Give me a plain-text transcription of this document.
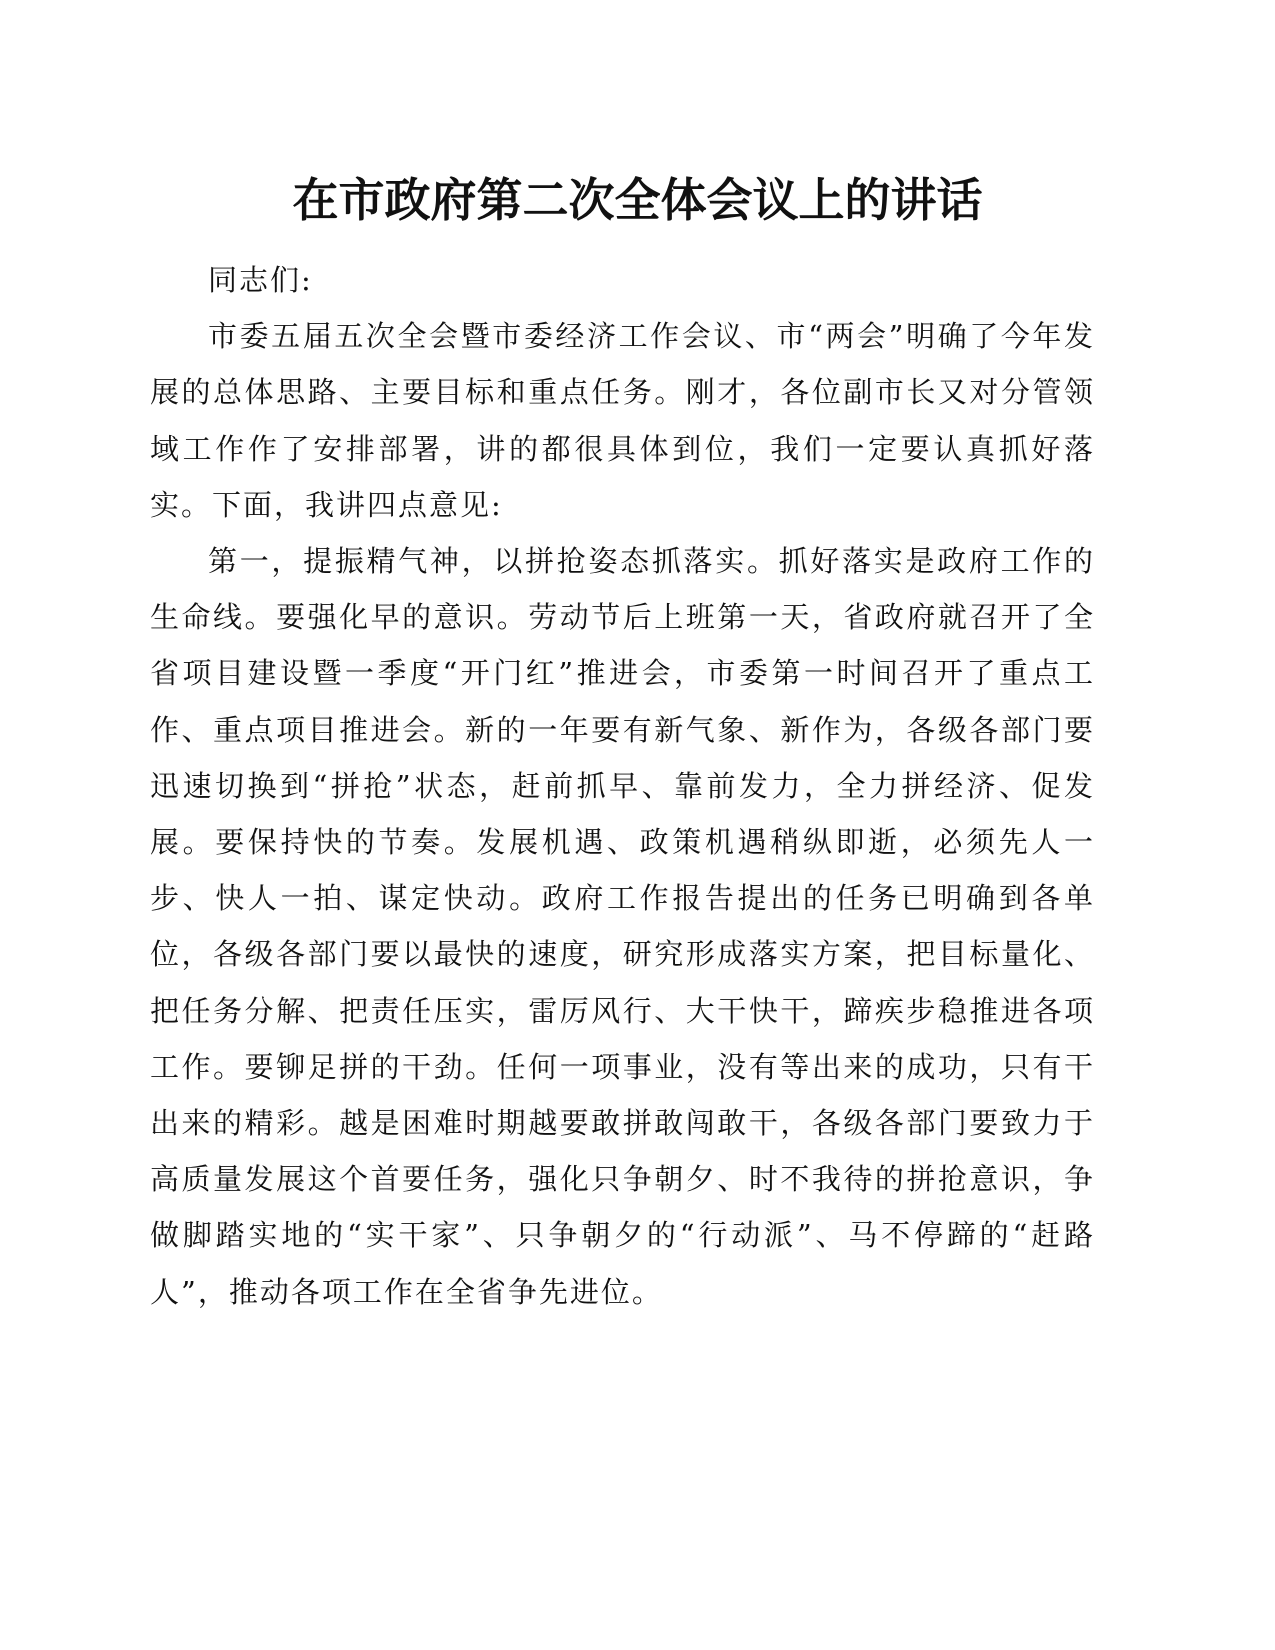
在市政府第二次全体会议上的讲话

同志们:

市委五届五次全会暨市委经济工作会议、市“两会”明确了今年发展的总体思路、主要目标和重点任务。刚才，各位副市长又对分管领域工作作了安排部署，讲的都很具体到位，我们一定要认真抓好落实。下面，我讲四点意见:

第一，提振精气神，以拼抢姿态抓落实。抓好落实是政府工作的生命线。要强化早的意识。劳动节后上班第一天，省政府就召开了全省项目建设暨一季度“开门红”推进会，市委第一时间召开了重点工作、重点项目推进会。新的一年要有新气象、新作为，各级各部门要迅速切换到“拼抢”状态，赶前抓早、靠前发力，全力拼经济、促发展。要保持快的节奏。发展机遇、政策机遇稍纵即逝，必须先人一步、快人一拍、谋定快动。政府工作报告提出的任务已明确到各单位，各级各部门要以最快的速度，研究形成落实方案，把目标量化、把任务分解、把责任压实，雷厉风行、大干快干，蹄疾步稳推进各项工作。要铆足拼的干劲。任何一项事业，没有等出来的成功，只有干出来的精彩。越是困难时期越要敢拼敢闯敢干，各级各部门要致力于高质量发展这个首要任务，强化只争朝夕、时不我待的拼抢意识，争做脚踏实地的“实干家”、只争朝夕的“行动派”、马不停蹄的“赶路人”，推动各项工作在全省争先进位。
